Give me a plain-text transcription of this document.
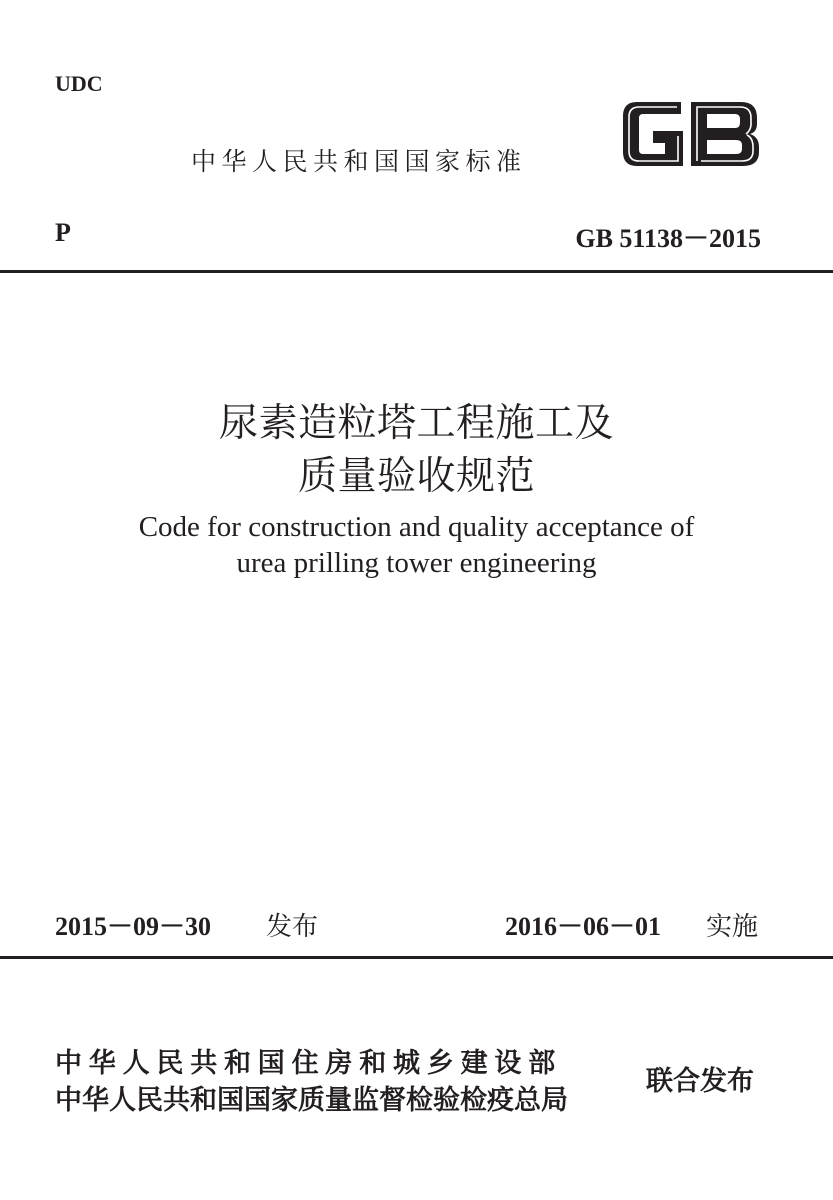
UDC
中华人民共和国国家标准
P	GB 51138－2015
尿素造粒塔工程施工及
质量验收规范
Code for construction and quality acceptance of
urea prilling tower engineering
2015－09－30 发布	2016－06－01 实施
中华人民共和国住房和城乡建设部
中华人民共和国国家质量监督检验检疫总局
联合发布
